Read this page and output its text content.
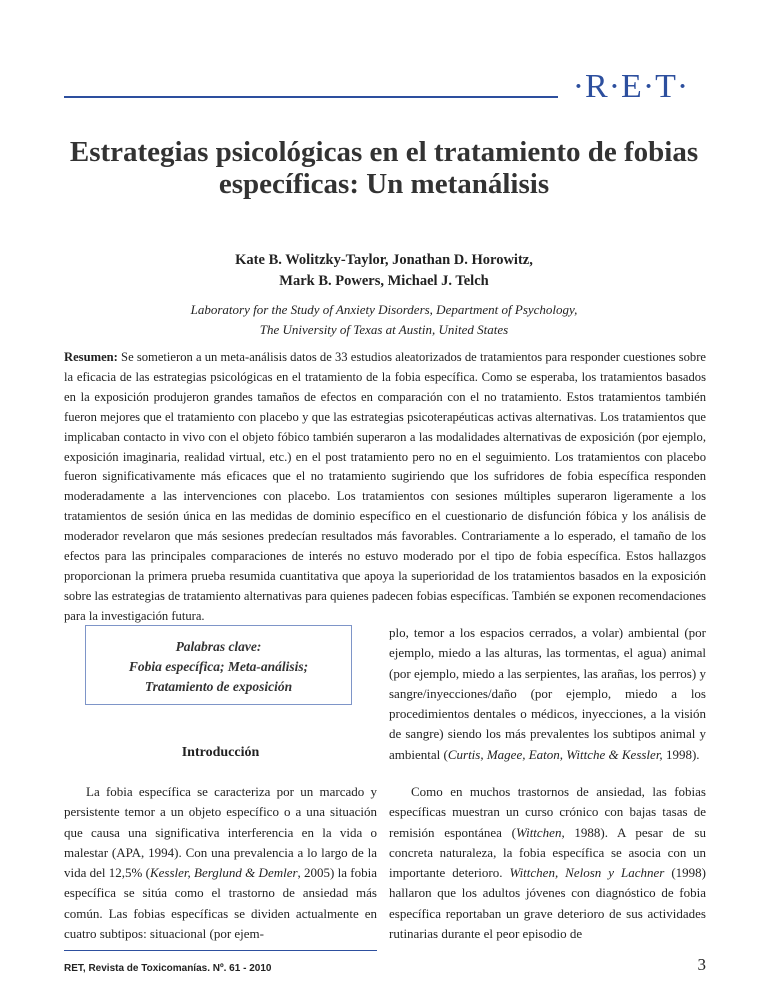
·R·E·T·
Estrategias psicológicas en el tratamiento de fobias específicas: Un metanálisis
Kate B. Wolitzky-Taylor, Jonathan D. Horowitz,
Mark B. Powers, Michael J. Telch
Laboratory for the Study of Anxiety Disorders, Department of Psychology,
The University of Texas at Austin, United States

Resumen: Se sometieron a un meta-análisis datos de 33 estudios aleatorizados de tratamientos para responder cuestiones sobre la eficacia de las estrategias psicológicas en el tratamiento de la fobia específica. Como se esperaba, los tratamientos basados en la exposición produjeron grandes tamaños de efectos en comparación con el no tratamiento. Estos tratamientos también fueron mejores que el tratamiento con placebo y que las estrategias psicoterapéuticas activas alternativas. Los tratamientos que implicaban contacto in vivo con el objeto fóbico también superaron a las modalidades alternativas de exposición (por ejemplo, exposición imaginaria, realidad virtual, etc.) en el post tratamiento pero no en el seguimiento. Los tratamientos con placebo fueron significativamente más eficaces que el no tratamiento sugiriendo que los sufridores de fobia específica responden moderadamente a las intervenciones con placebo. Los tratamientos con sesiones múltiples superaron ligeramente a los tratamientos de sesión única en las medidas de dominio específico en el cuestionario de disfunción fóbica y los análisis de moderador revelaron que más sesiones predecían resultados más favorables. Contrariamente a lo esperado, el tamaño de los efectos para las principales comparaciones de interés no estuvo moderado por el tipo de fobia específica. Estos hallazgos proporcionan la primera prueba resumida cuantitativa que apoya la superioridad de los tratamientos basados en la exposición sobre las estrategias de tratamiento alternativas para quienes padecen fobias específicas. También se exponen recomendaciones para la investigación futura.

Palabras clave:
Fobia específica; Meta-análisis;
Tratamiento de exposición
Introducción

La fobia específica se caracteriza por un marcado y persistente temor a un objeto específico o a una situación que causa una significativa interferencia en la vida o malestar (APA, 1994). Con una prevalencia a lo largo de la vida del 12,5% (Kessler, Berglund & Demler, 2005) la fobia específica se sitúa como el trastorno de ansiedad más común. Las fobias específicas se dividen actualmente en cuatro subtipos: situacional (por ejem-

plo, temor a los espacios cerrados, a volar) ambiental (por ejemplo, miedo a las alturas, las tormentas, el agua) animal (por ejemplo, miedo a las serpientes, las arañas, los perros) y sangre/inyecciones/daño (por ejemplo, miedo a los procedimientos dentales o médicos, inyecciones, a la visión de sangre) siendo los más prevalentes los subtipos animal y ambiental (Curtis, Magee, Eaton, Wittche & Kessler, 1998).

Como en muchos trastornos de ansiedad, las fobias específicas muestran un curso crónico con bajas tasas de remisión espontánea (Wittchen, 1988). A pesar de su concreta naturaleza, la fobia específica se asocia con un importante deterioro. Wittchen, Nelosn y Lachner (1998) hallaron que los adultos jóvenes con diagnóstico de fobia específica reportaban un grave deterioro de sus actividades rutinarias durante el peor episodio de

RET, Revista de Toxicomanías. Nº. 61 - 2010	3
